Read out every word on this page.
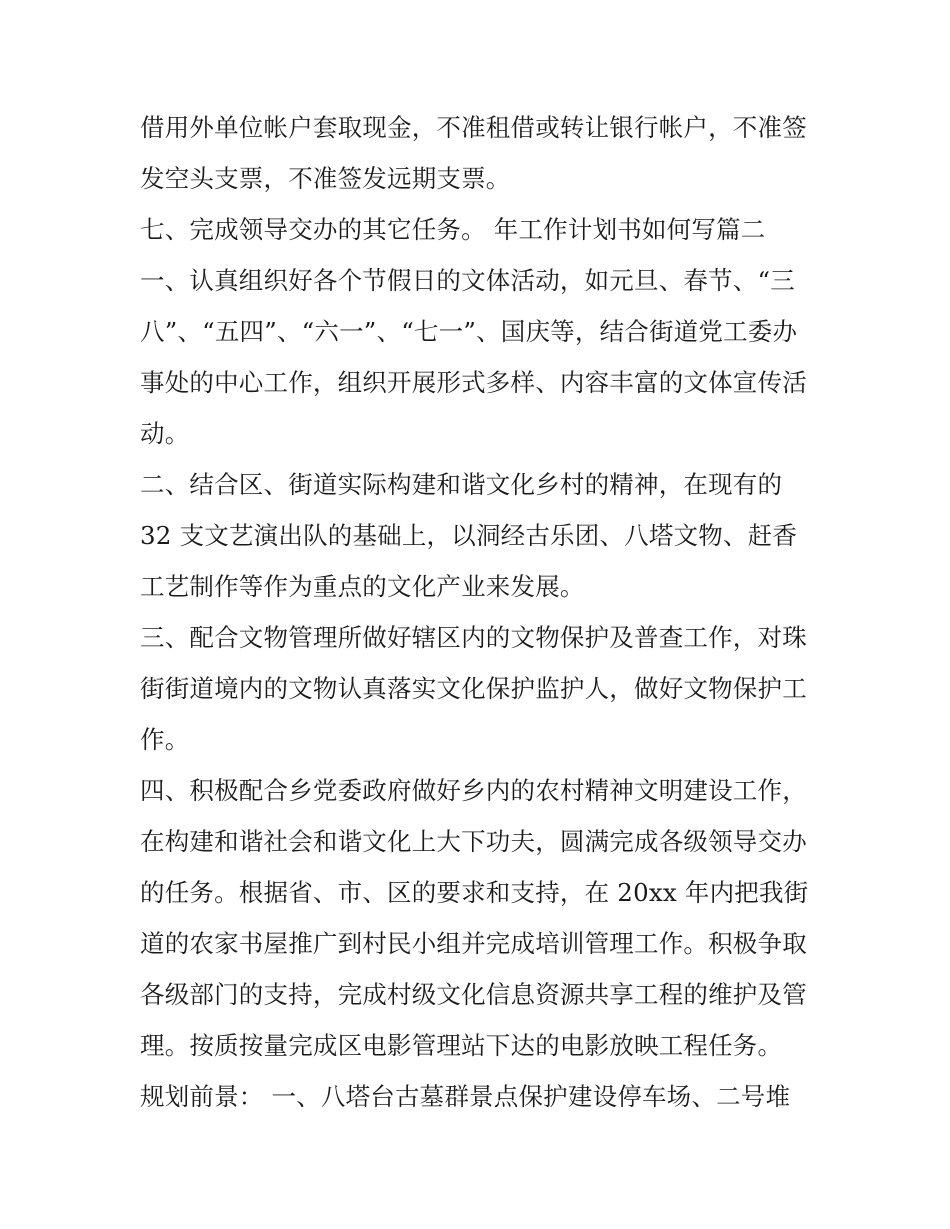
借用外单位帐户套取现金，不准租借或转让银行帐户，不准签
发空头支票，不准签发远期支票。
七、完成领导交办的其它任务。 年工作计划书如何写篇二
一、认真组织好各个节假日的文体活动，如元旦、春节、“三
八”、“五四”、“六一”、“七一”、国庆等，结合街道党工委办
事处的中心工作，组织开展形式多样、内容丰富的文体宣传活
动。
二、结合区、街道实际构建和谐文化乡村的精神，在现有的
32 支文艺演出队的基础上，以洞经古乐团、八塔文物、赶香
工艺制作等作为重点的文化产业来发展。
三、配合文物管理所做好辖区内的文物保护及普查工作，对珠
街街道境内的文物认真落实文化保护监护人，做好文物保护工
作。
四、积极配合乡党委政府做好乡内的农村精神文明建设工作，
在构建和谐社会和谐文化上大下功夫，圆满完成各级领导交办
的任务。根据省、市、区的要求和支持，在 20xx 年内把我街
道的农家书屋推广到村民小组并完成培训管理工作。积极争取
各级部门的支持，完成村级文化信息资源共享工程的维护及管
理。按质按量完成区电影管理站下达的电影放映工程任务。
规划前景： 一、八塔台古墓群景点保护建设停车场、二号堆
